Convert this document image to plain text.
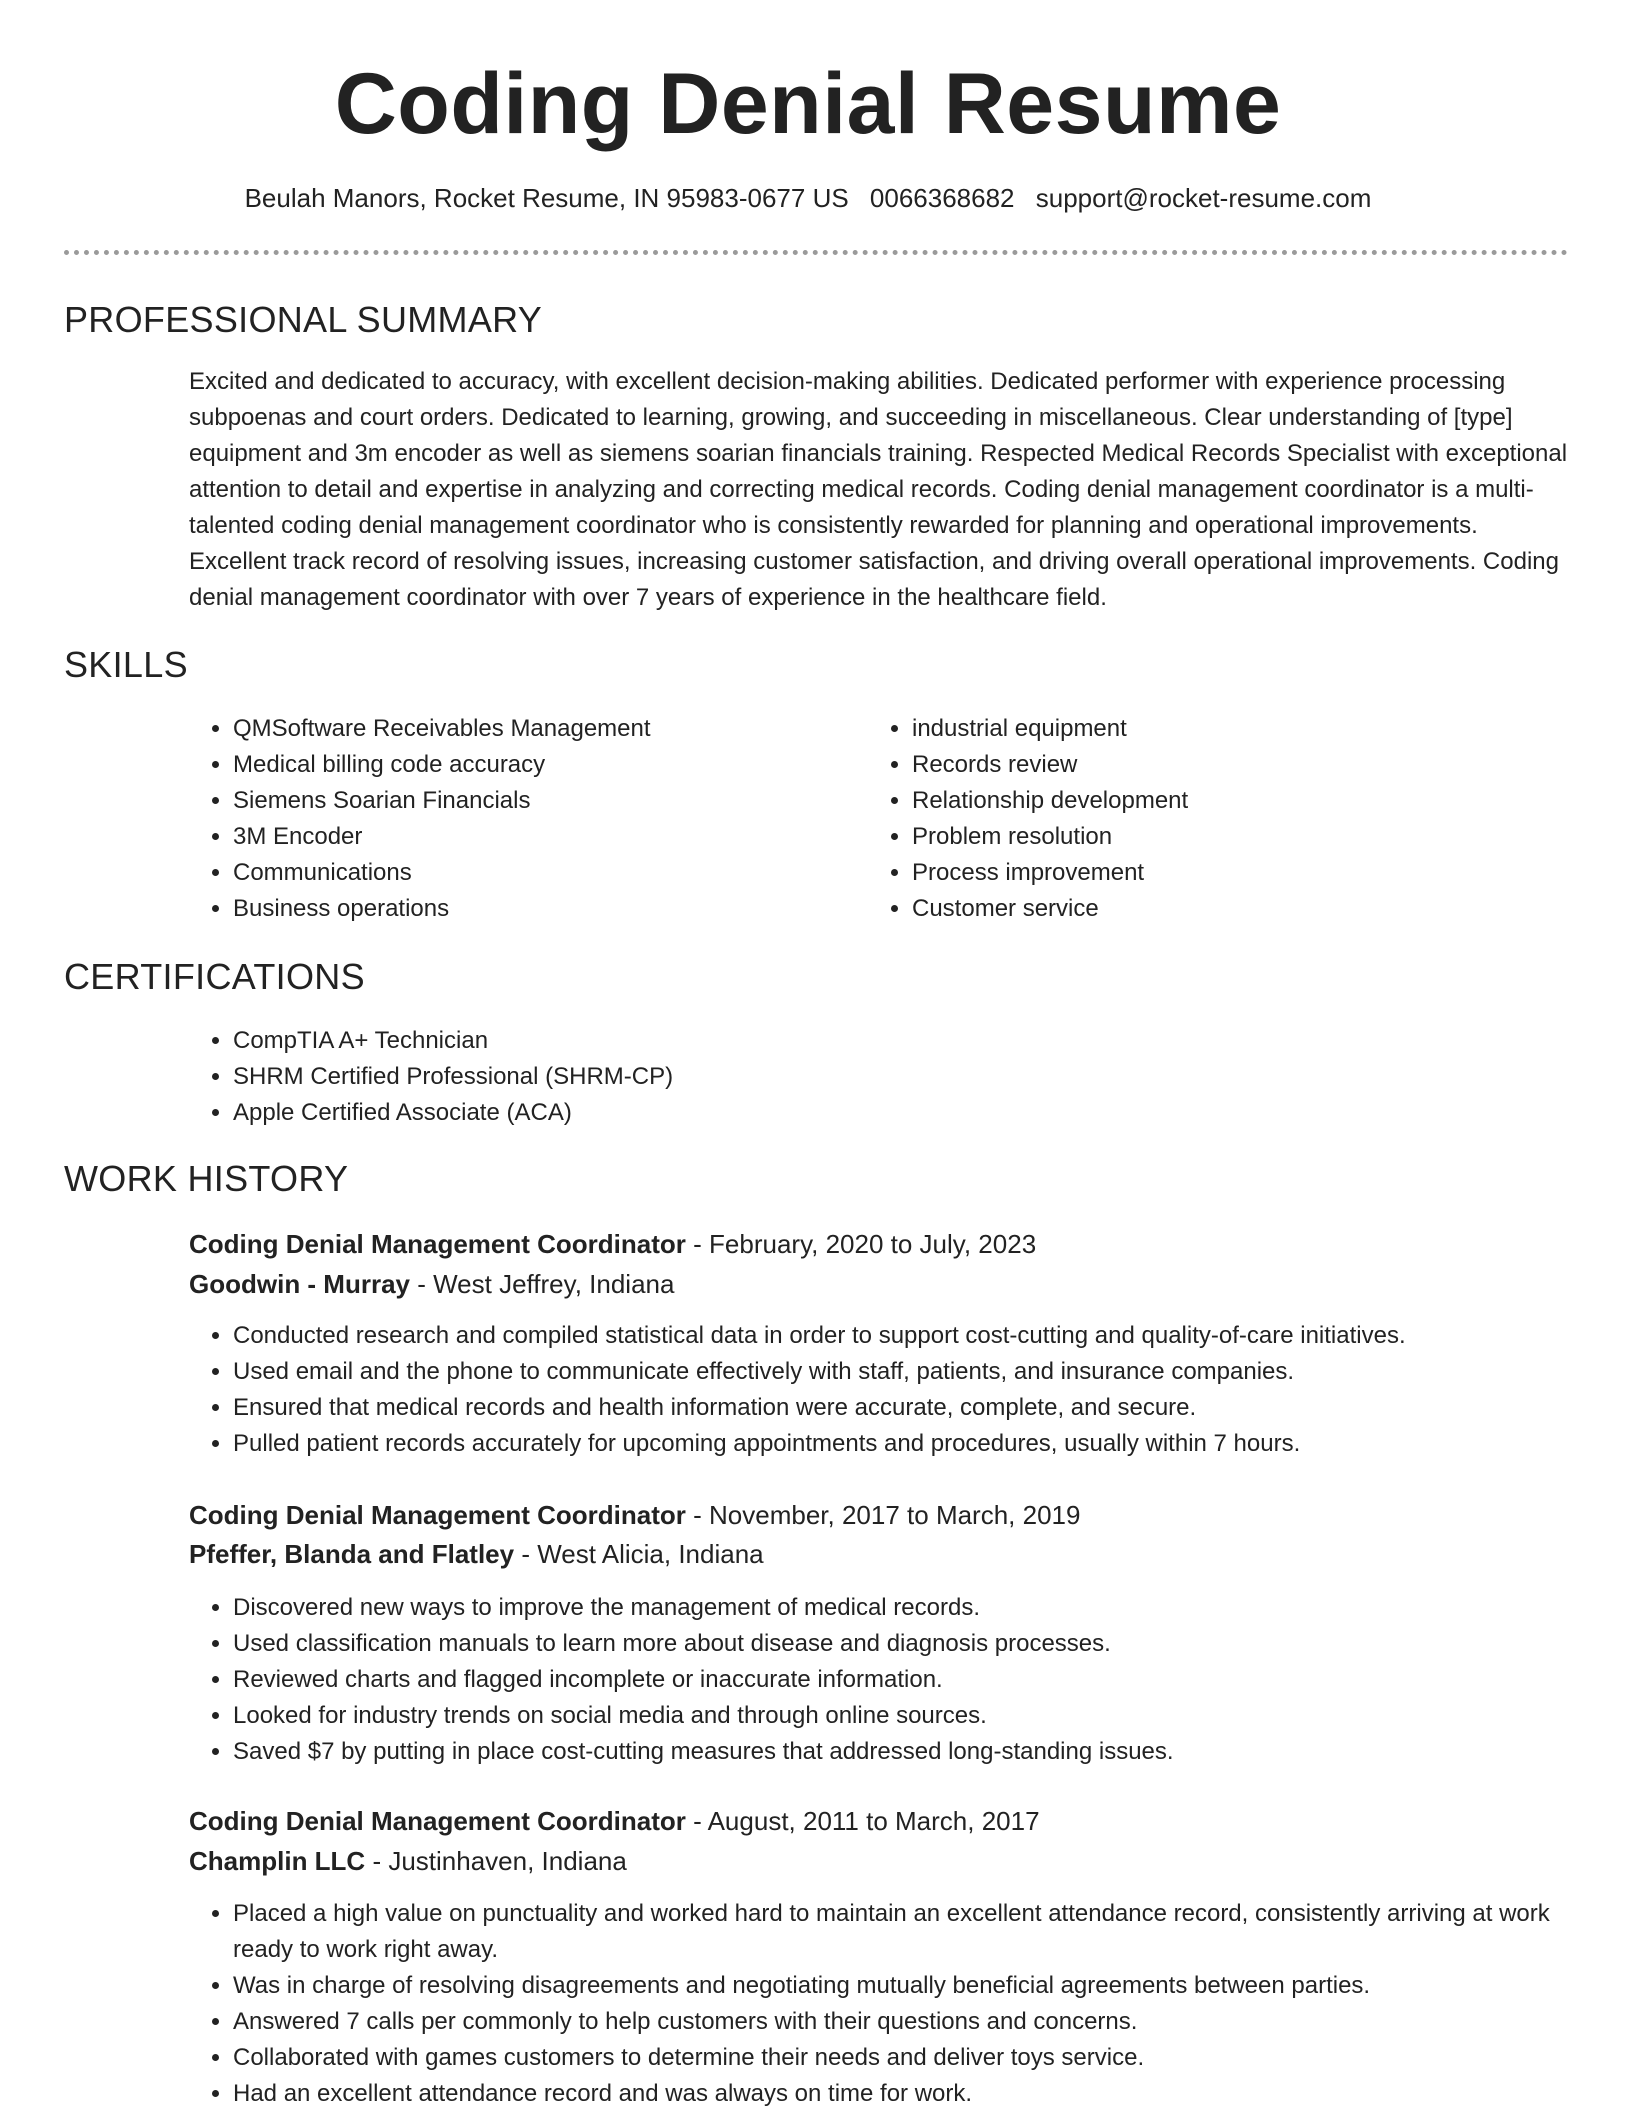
Coding Denial Resume
Beulah Manors, Rocket Resume, IN 95983-0677 US 0066368682 support@rocket-resume.com
PROFESSIONAL SUMMARY

Excited and dedicated to accuracy, with excellent decision-making abilities. Dedicated performer with experience processing subpoenas and court orders. Dedicated to learning, growing, and succeeding in miscellaneous. Clear understanding of [type] equipment and 3m encoder as well as siemens soarian financials training. Respected Medical Records Specialist with exceptional attention to detail and expertise in analyzing and correcting medical records. Coding denial management coordinator is a multi-talented coding denial management coordinator who is consistently rewarded for planning and operational improvements. Excellent track record of resolving issues, increasing customer satisfaction, and driving overall operational improvements. Coding denial management coordinator with over 7 years of experience in the healthcare field.

SKILLS
• QMSoftware Receivables Management
• Medical billing code accuracy
• Siemens Soarian Financials
• 3M Encoder
• Communications
• Business operations
• industrial equipment
• Records review
• Relationship development
• Problem resolution
• Process improvement
• Customer service
CERTIFICATIONS
• CompTIA A+ Technician
• SHRM Certified Professional (SHRM-CP)
• Apple Certified Associate (ACA)
WORK HISTORY
Coding Denial Management Coordinator - February, 2020 to July, 2023
Goodwin - Murray - West Jeffrey, Indiana
• Conducted research and compiled statistical data in order to support cost-cutting and quality-of-care initiatives.
• Used email and the phone to communicate effectively with staff, patients, and insurance companies.
• Ensured that medical records and health information were accurate, complete, and secure.
• Pulled patient records accurately for upcoming appointments and procedures, usually within 7 hours.
Coding Denial Management Coordinator - November, 2017 to March, 2019
Pfeffer, Blanda and Flatley - West Alicia, Indiana
• Discovered new ways to improve the management of medical records.
• Used classification manuals to learn more about disease and diagnosis processes.
• Reviewed charts and flagged incomplete or inaccurate information.
• Looked for industry trends on social media and through online sources.
• Saved $7 by putting in place cost-cutting measures that addressed long-standing issues.
Coding Denial Management Coordinator - August, 2011 to March, 2017
Champlin LLC - Justinhaven, Indiana
• Placed a high value on punctuality and worked hard to maintain an excellent attendance record, consistently arriving at work ready to work right away.
• Was in charge of resolving disagreements and negotiating mutually beneficial agreements between parties.
• Answered 7 calls per commonly to help customers with their questions and concerns.
• Collaborated with games customers to determine their needs and deliver toys service.
• Had an excellent attendance record and was always on time for work.
